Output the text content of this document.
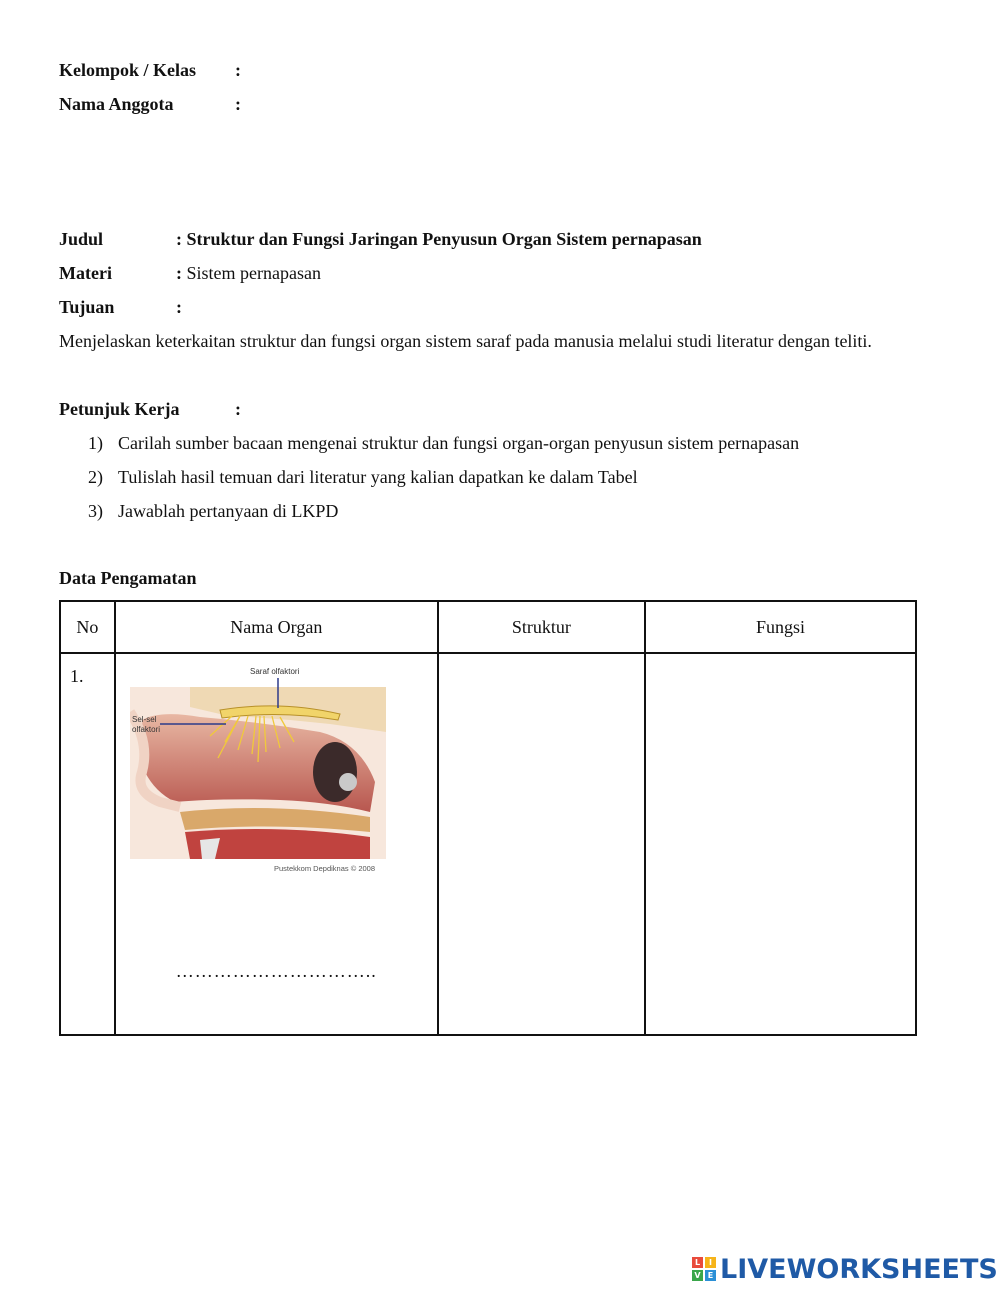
Kelompok / Kelas :
Nama Anggota	:
Judul	: Struktur dan Fungsi Jaringan Penyusun Organ Sistem pernapasan
Materi	: Sistem pernapasan
Tujuan	:
Menjelaskan keterkaitan struktur dan fungsi organ sistem saraf pada manusia melalui studi literatur dengan teliti.
Petunjuk Kerja	:
1) Carilah sumber bacaan mengenai struktur dan fungsi organ-organ penyusun sistem pernapasan
2) Tulislah hasil temuan dari literatur yang kalian dapatkan ke dalam Tabel
3) Jawablah pertanyaan di LKPD
Data Pengamatan
No	Nama Organ	Struktur	Fungsi
1.	Saraf olfaktori
Sel-sel
olfaktori
Pustekkom Depdiknas © 2008
…………………………..		

L	I
V E LIVEWORKSHEETS
